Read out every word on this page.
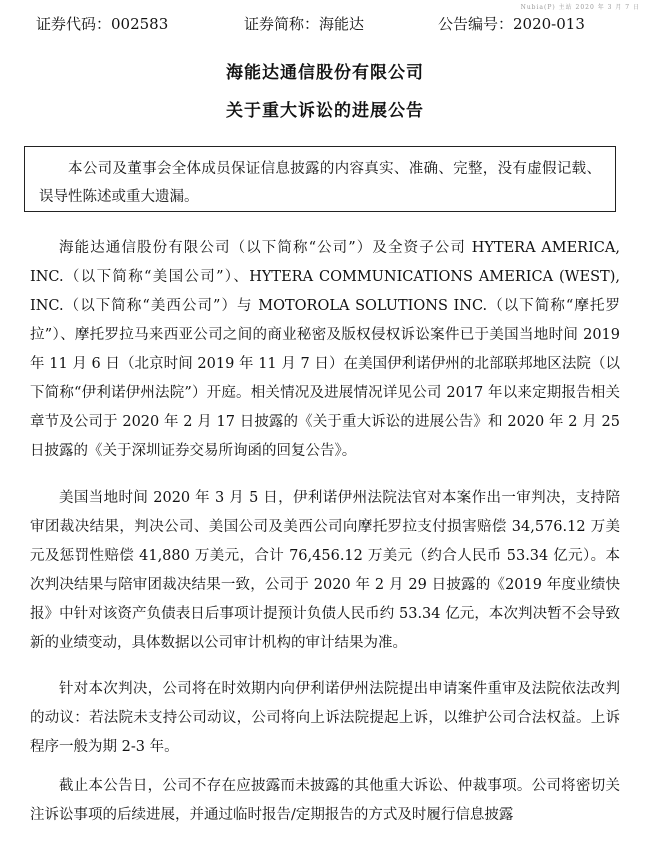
Nubia(P) 主站 2020 年 3 月 7 日
证券代码：002583	证券简称：海能达	公告编号：2020-013
海能达通信股份有限公司
关于重大诉讼的进展公告
本公司及董事会全体成员保证信息披露的内容真实、准确、完整，没有虚假记载、误导性陈述或重大遗漏。

海能达通信股份有限公司（以下简称“公司”）及全资子公司 HYTERA AMERICA, INC.（以下简称“美国公司”）、HYTERA COMMUNICATIONS AMERICA (WEST), INC.（以下简称“美西公司”）与 MOTOROLA SOLUTIONS INC.（以下简称“摩托罗拉”）、摩托罗拉马来西亚公司之间的商业秘密及版权侵权诉讼案件已于美国当地时间 2019 年 11 月 6 日（北京时间 2019 年 11 月 7 日）在美国伊利诺伊州的北部联邦地区法院（以下简称“伊利诺伊州法院”）开庭。相关情况及进展情况详见公司 2017 年以来定期报告相关章节及公司于 2020 年 2 月 17 日披露的《关于重大诉讼的进展公告》和 2020 年 2 月 25 日披露的《关于深圳证券交易所询函的回复公告》。

美国当地时间 2020 年 3 月 5 日，伊利诺伊州法院法官对本案作出一审判决，支持陪审团裁决结果，判决公司、美国公司及美西公司向摩托罗拉支付损害赔偿 34,576.12 万美元及惩罚性赔偿 41,880 万美元，合计 76,456.12 万美元（约合人民币 53.34 亿元）。本次判决结果与陪审团裁决结果一致，公司于 2020 年 2 月 29 日披露的《2019 年度业绩快报》中针对该资产负债表日后事项计提预计负债人民币约 53.34 亿元，本次判决暂不会导致新的业绩变动，具体数据以公司审计机构的审计结果为准。

针对本次判决，公司将在时效期内向伊利诺伊州法院提出申请案件重审及法院依法改判的动议：若法院未支持公司动议，公司将向上诉法院提起上诉，以维护公司合法权益。上诉程序一般为期 2-3 年。

截止本公告日，公司不存在应披露而未披露的其他重大诉讼、仲裁事项。公司将密切关注诉讼事项的后续进展，并通过临时报告/定期报告的方式及时履行信息披露
